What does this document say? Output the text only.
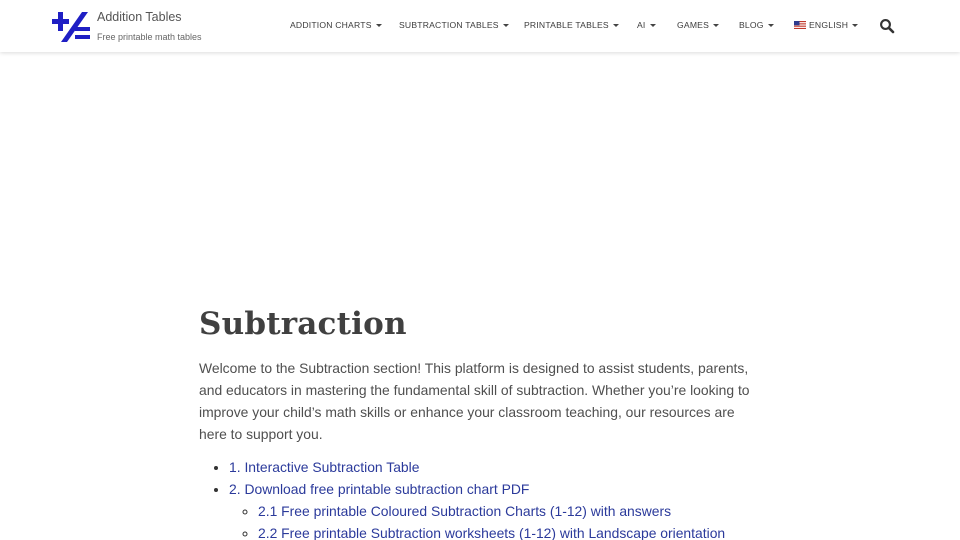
Addition Tables
Free printable math tables
ADDITION CHARTS	SUBTRACTION TABLES	PRINTABLE TABLES	AI	GAMES	BLOG	ENGLISH
Subtraction

Welcome to the Subtraction section! This platform is designed to assist students, parents, and educators in mastering the fundamental skill of subtraction. Whether you’re looking to improve your child’s math skills or enhance your classroom teaching, our resources are here to support you.

• 1. Interactive Subtraction Table
• 2. Download free printable subtraction chart PDF
◦ 2.1 Free printable Coloured Subtraction Charts (1-12) with answers
◦ 2.2 Free printable Subtraction worksheets (1-12) with Landscape orientation
